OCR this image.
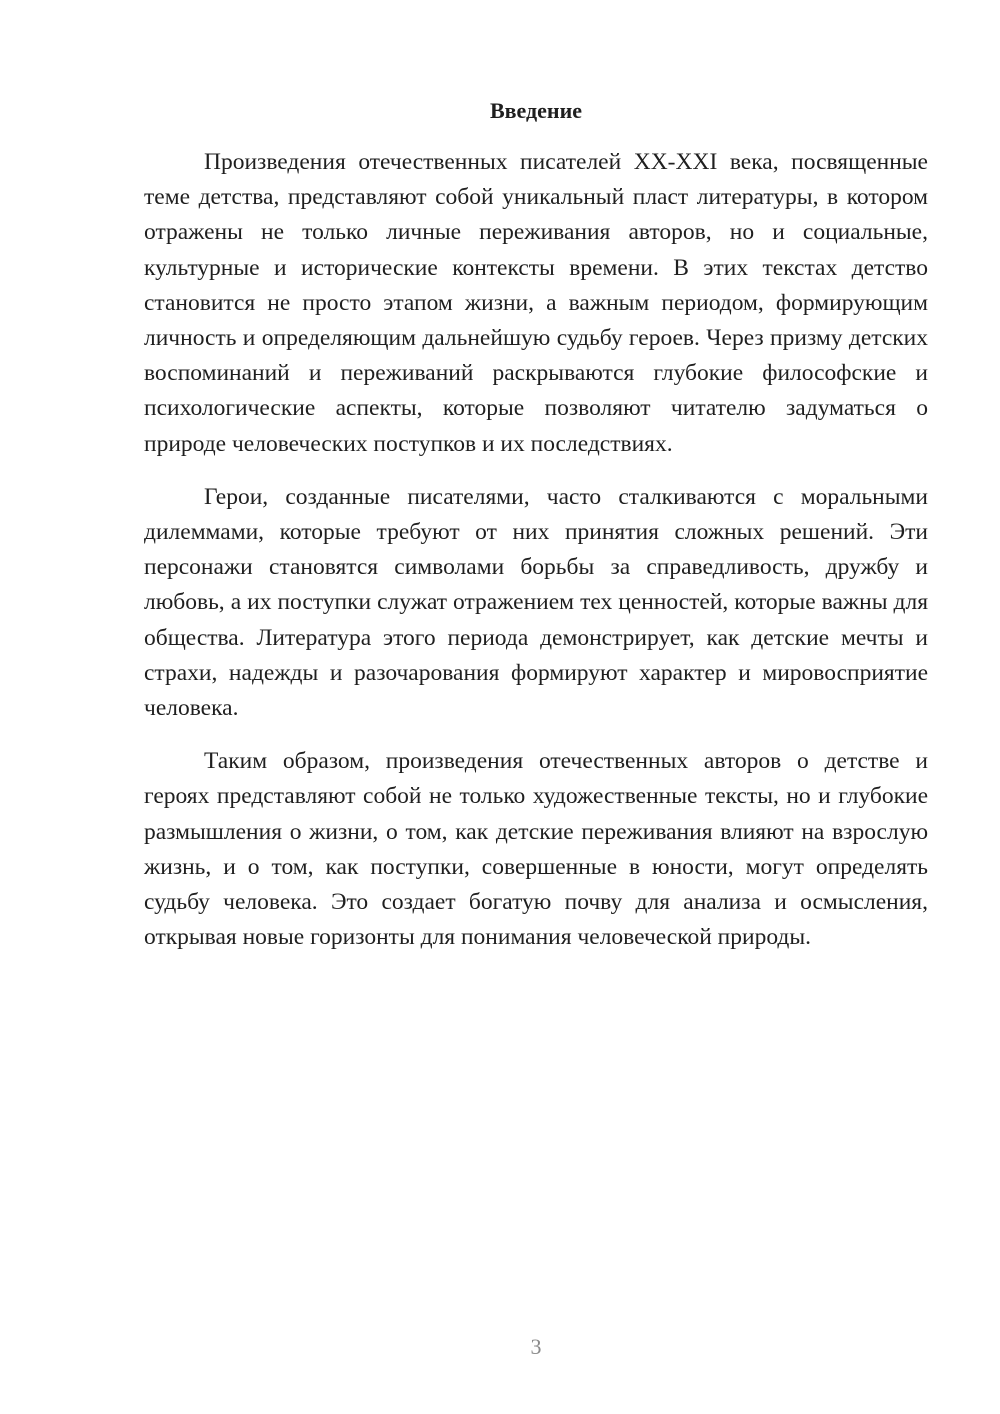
Введение

Произведения отечественных писателей XX-XXI века, посвященные теме детства, представляют собой уникальный пласт литературы, в котором отражены не только личные переживания авторов, но и социальные, культурные и исторические контексты времени. В этих текстах детство становится не просто этапом жизни, а важным периодом, формирующим личность и определяющим дальнейшую судьбу героев. Через призму детских воспоминаний и переживаний раскрываются глубокие философские и психологические аспекты, которые позволяют читателю задуматься о природе человеческих поступков и их последствиях.

Герои, созданные писателями, часто сталкиваются с моральными дилеммами, которые требуют от них принятия сложных решений. Эти персонажи становятся символами борьбы за справедливость, дружбу и любовь, а их поступки служат отражением тех ценностей, которые важны для общества. Литература этого периода демонстрирует, как детские мечты и страхи, надежды и разочарования формируют характер и мировосприятие человека.

Таким образом, произведения отечественных авторов о детстве и героях представляют собой не только художественные тексты, но и глубокие размышления о жизни, о том, как детские переживания влияют на взрослую жизнь, и о том, как поступки, совершенные в юности, могут определять судьбу человека. Это создает богатую почву для анализа и осмысления, открывая новые горизонты для понимания человеческой природы.

3
